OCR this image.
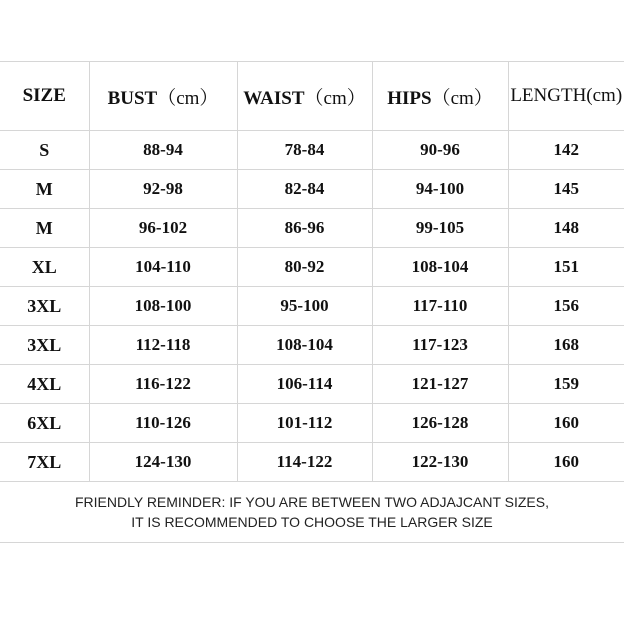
SIZE	BUST（cm）	WAIST（cm）	HIPS（cm）	LENGTH(cm)
S	88-94	78-84	90-96	142
M	92-98	82-84	94-100	145
M	96-102	86-96	99-105	148
XL	104-110	80-92	108-104	151
3XL	108-100	95-100	117-110	156
3XL	112-118	108-104	117-123	168
4XL	116-122	106-114	121-127	159
6XL	110-126	101-112	126-128	160
7XL	124-130	114-122	122-130	160
FRIENDLY REMINDER: IF YOU ARE BETWEEN TWO ADJAJCANT SIZES,
IT IS RECOMMENDED TO CHOOSE THE LARGER SIZE
